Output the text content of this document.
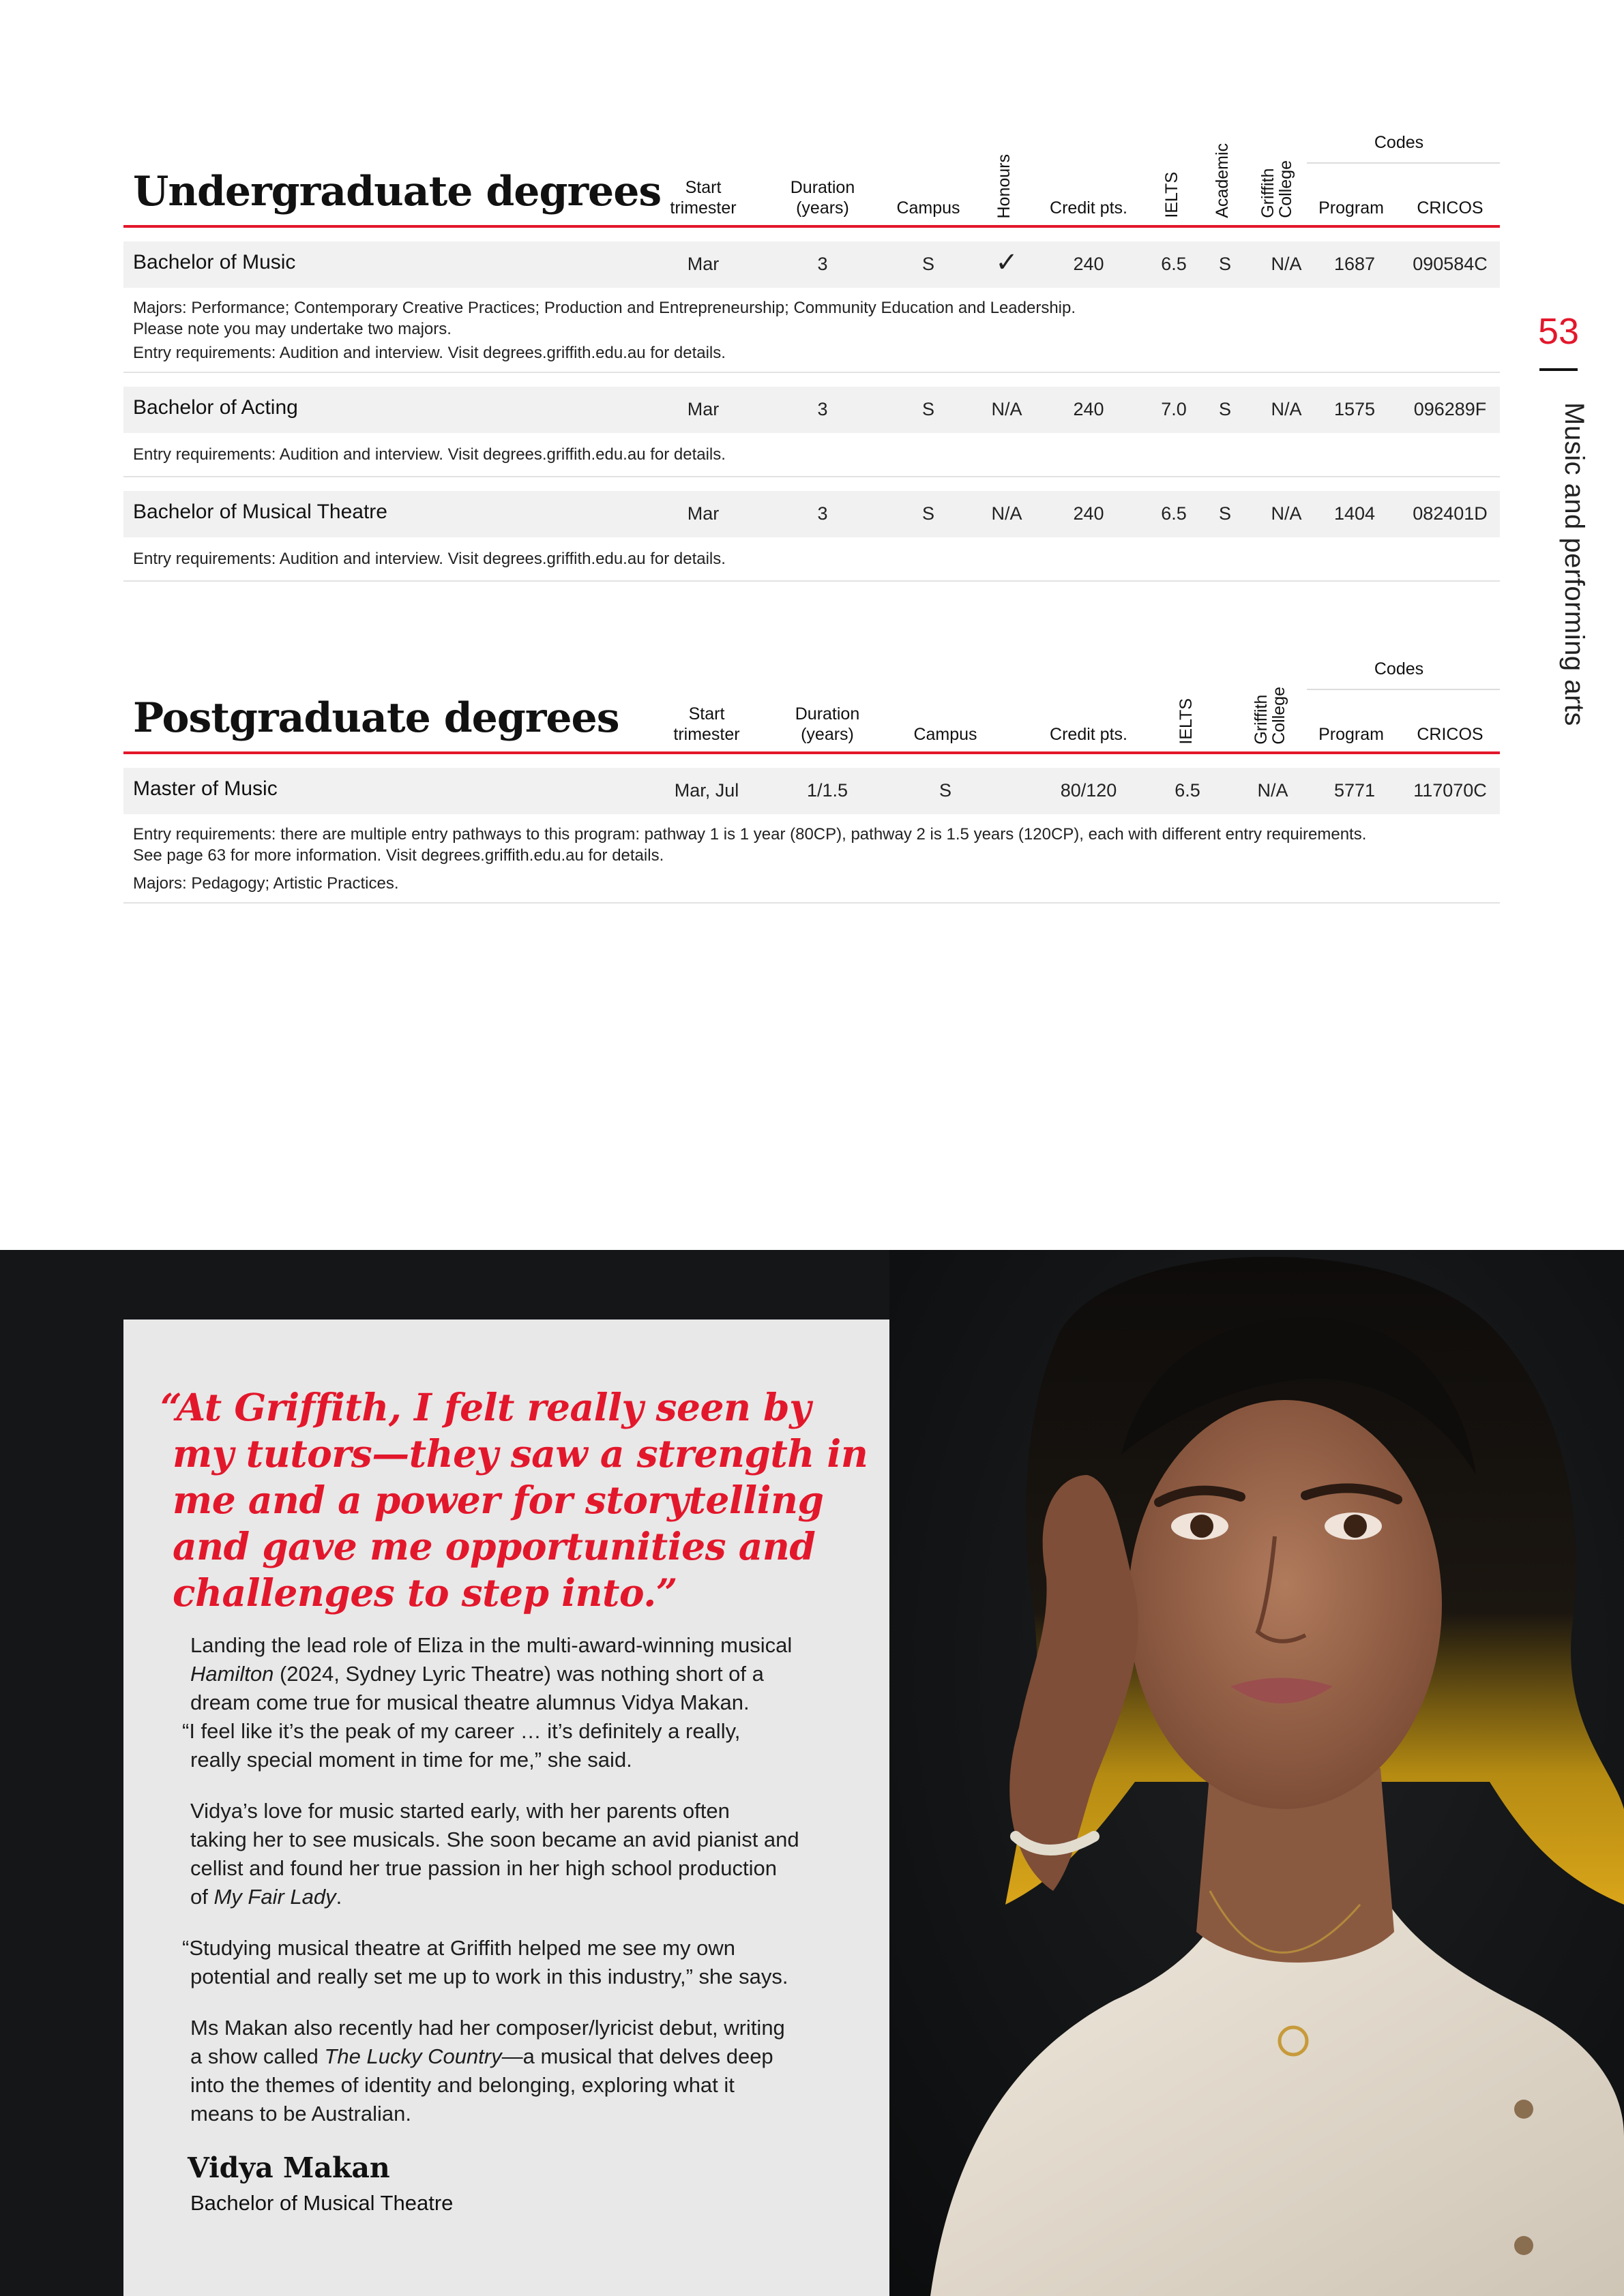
53
Music and performing arts
Undergraduate degrees	Start
trimester
Duration
(years)	Campus	Honours	Credit pts.	IELTS	Academic	Griffith
College
Codes
Program	CRICOS
Bachelor of Music	Mar	3	S	✓	240	6.5	S	N/A	1687	090584C
Majors: Performance; Contemporary Creative Practices; Production and Entrepreneurship; Community Education and Leadership.
Please note you may undertake two majors.
Entry requirements: Audition and interview. Visit degrees.griffith.edu.au for details.
Bachelor of Acting	Mar	3	S	N/A	240	7.0	S	N/A	1575	096289F
Entry requirements: Audition and interview. Visit degrees.griffith.edu.au for details.
Bachelor of Musical Theatre	Mar	3	S	N/A	240	6.5	S	N/A	1404	082401D
Entry requirements: Audition and interview. Visit degrees.griffith.edu.au for details.
Postgraduate degrees	Start
trimester
Duration
(years)	Campus	Credit pts.	IELTS	Griffith
College
Codes
Program	CRICOS
Master of Music	Mar, Jul	1/1.5	S	80/120	6.5	N/A	5771	117070C
Entry requirements: there are multiple entry pathways to this program: pathway 1 is 1 year (80CP), pathway 2 is 1.5 years (120CP), each with different entry requirements.
See page 63 for more information. Visit degrees.griffith.edu.au for details.
Majors: Pedagogy; Artistic Practices.
“At Griffith, I felt really seen by
my tutors—they saw a strength in
me and a power for storytelling
and gave me opportunities and
challenges to step into.”

Landing the lead role of Eliza in the multi-award-winning musical
Hamilton (2024, Sydney Lyric Theatre) was nothing short of a
dream come true for musical theatre alumnus Vidya Makan.
“I feel like it’s the peak of my career … it’s definitely a really,
really special moment in time for me,” she said.

Vidya’s love for music started early, with her parents often
taking her to see musicals. She soon became an avid pianist and
cellist and found her true passion in her high school production
of My Fair Lady.

“Studying musical theatre at Griffith helped me see my own
potential and really set me up to work in this industry,” she says.

Ms Makan also recently had her composer/lyricist debut, writing
a show called The Lucky Country—a musical that delves deep
into the themes of identity and belonging, exploring what it
means to be Australian.

Vidya Makan
Bachelor of Musical Theatre
